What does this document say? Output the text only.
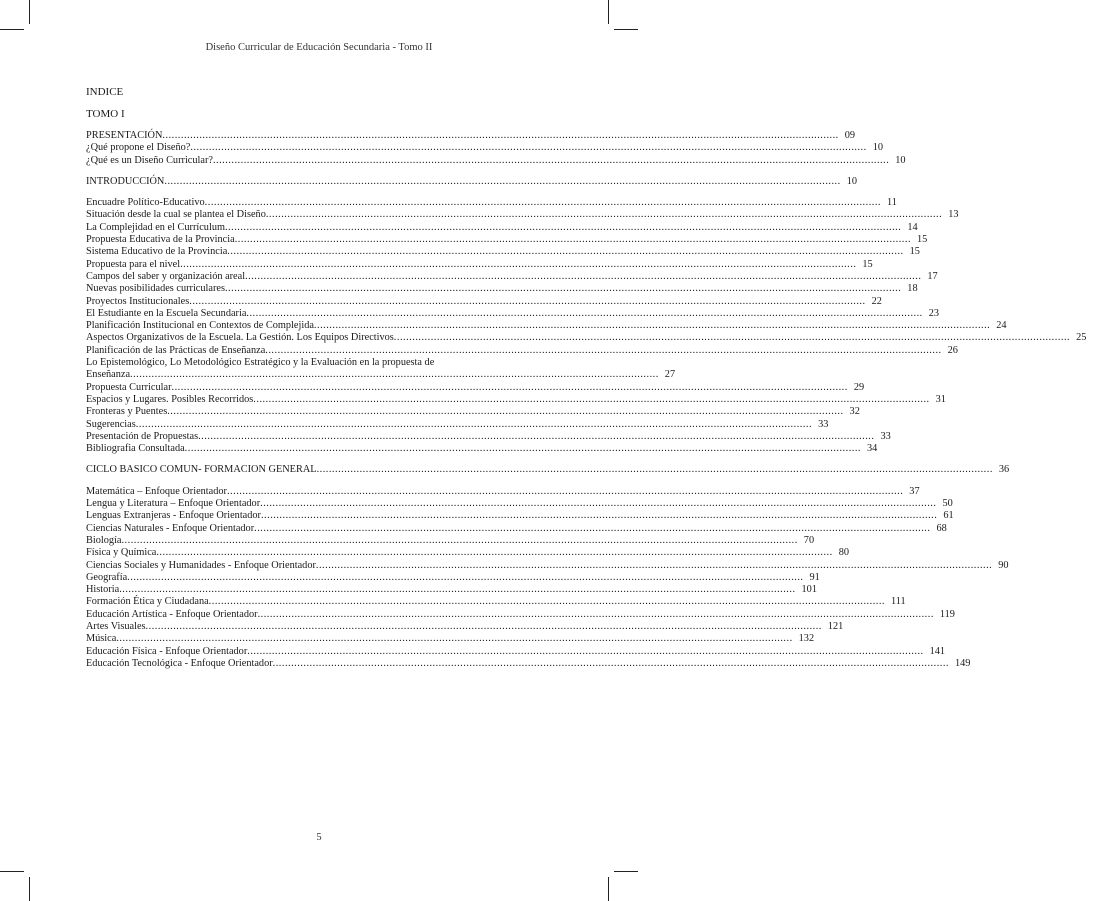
Diseño Curricular de Educación Secundaria - Tomo II
INDICE
TOMO I
PRESENTACIÓN ............................................................................................................................................................................................................................ 09
¿Qué propone el Diseño? ............................................................................................................................................................................................................................ 10
¿Qué es un Diseño Curricular? ............................................................................................................................................................................................................................ 10
INTRODUCCIÓN ............................................................................................................................................................................................................................ 10
Encuadre Político-Educativo ............................................................................................................................................................................................................................ 11
Situación desde la cual se plantea el Diseño ............................................................................................................................................................................................................................ 13
La Complejidad en el Currículum ............................................................................................................................................................................................................................ 14
Propuesta Educativa de la Provincia ............................................................................................................................................................................................................................ 15
Sistema Educativo de la Provincia ............................................................................................................................................................................................................................ 15
Propuesta para el nivel ............................................................................................................................................................................................................................ 15
Campos del saber y organización areal ............................................................................................................................................................................................................................ 17
Nuevas posibilidades curriculares ............................................................................................................................................................................................................................ 18
Proyectos Institucionales ............................................................................................................................................................................................................................ 22
El Estudiante en la Escuela Secundaria ............................................................................................................................................................................................................................ 23
Planificación Institucional en Contextos de Complejida ............................................................................................................................................................................................................................ 24
Aspectos Organizativos de la Escuela. La Gestión. Los Equipos Directivos ............................................................................................................................................................................................................................ 25
Planificación de las Prácticas de Enseñanza ............................................................................................................................................................................................................................ 26
Lo Epistemológico, Lo Metodológico Estratégico y la Evaluación en la propuesta de
Enseñanza ............................................................................................................................................................................ 27
Propuesta Curricular ............................................................................................................................................................................................................................ 29
Espacios y Lugares. Posibles Recorridos ............................................................................................................................................................................................................................ 31
Fronteras y Puentes ............................................................................................................................................................................................................................ 32
Sugerencias ............................................................................................................................................................................................................................ 33
Presentación de Propuestas ............................................................................................................................................................................................................................ 33
Bibliografia Consultada ............................................................................................................................................................................................................................ 34
CICLO BASICO COMUN- FORMACION GENERAL ............................................................................................................................................................................................................................ 36
Matemática – Enfoque Orientador ............................................................................................................................................................................................................................ 37
Lengua y Literatura – Enfoque Orientador ............................................................................................................................................................................................................................ 50
Lenguas Extranjeras - Enfoque Orientador ............................................................................................................................................................................................................................ 61
Ciencias Naturales - Enfoque Orientador ............................................................................................................................................................................................................................ 68
Biología ............................................................................................................................................................................................................................ 70
Física y Química ............................................................................................................................................................................................................................ 80
Ciencias Sociales y Humanidades - Enfoque Orientador ............................................................................................................................................................................................................................ 90
Geografía ............................................................................................................................................................................................................................ 91
Historia ............................................................................................................................................................................................................................ 101
Formación Ética y Ciudadana ............................................................................................................................................................................................................................ 111
Educación Artística - Enfoque Orientador ............................................................................................................................................................................................................................ 119
Artes Visuales ............................................................................................................................................................................................................................ 121
Música ............................................................................................................................................................................................................................ 132
Educación Física - Enfoque Orientador ............................................................................................................................................................................................................................ 141
Educación Tecnológica - Enfoque Orientador ............................................................................................................................................................................................................................ 149
5
